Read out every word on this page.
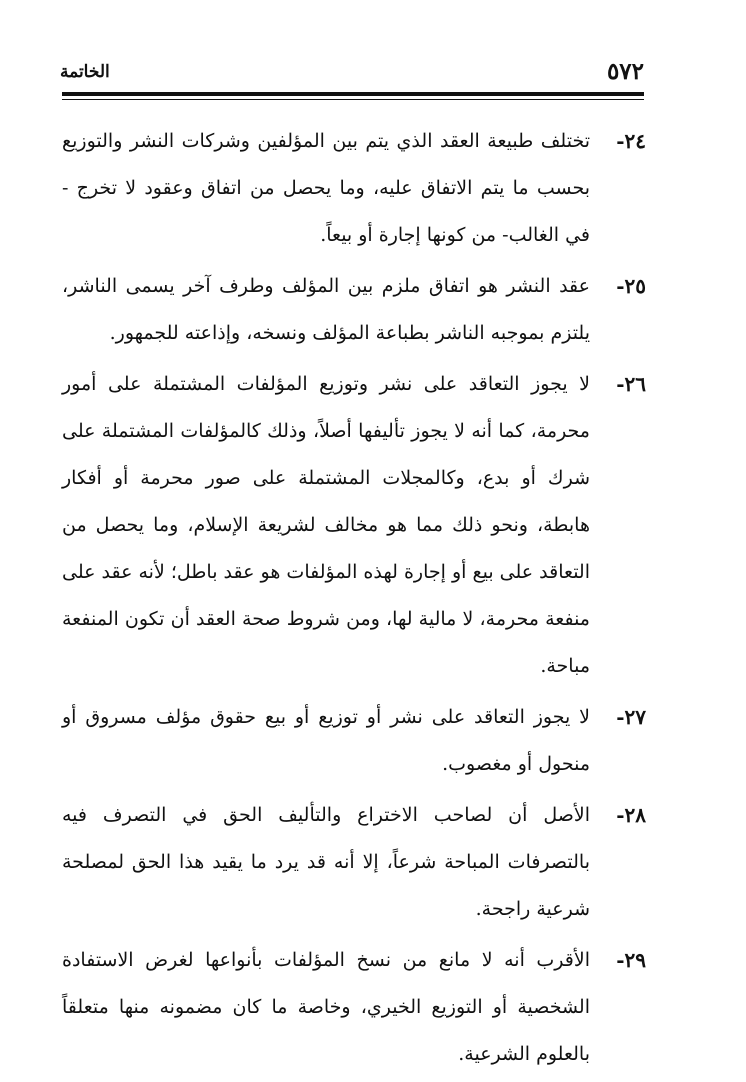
٥٧٢
الخاتمة
٢٤-
تختلف طبيعة العقد الذي يتم بين المؤلفين وشركات النشر والتوزيع بحسب ما يتم الاتفاق عليه، وما يحصل من اتفاق وعقود لا تخرج - في الغالب- من كونها إجارة أو بيعاً.
٢٥-
عقد النشر هو اتفاق ملزم بين المؤلف وطرف آخر يسمى الناشر، يلتزم بموجبه الناشر بطباعة المؤلف ونسخه، وإذاعته للجمهور.
٢٦-
لا يجوز التعاقد على نشر وتوزيع المؤلفات المشتملة على أمور محرمة، كما أنه لا يجوز تأليفها أصلاً، وذلك كالمؤلفات المشتملة على شرك أو بدع، وكالمجلات المشتملة على صور محرمة أو أفكار هابطة، ونحو ذلك مما هو مخالف لشريعة الإسلام، وما يحصل من التعاقد على بيع أو إجارة لهذه المؤلفات هو عقد باطل؛ لأنه عقد على منفعة محرمة، لا مالية لها، ومن شروط صحة العقد أن تكون المنفعة مباحة.
٢٧-
لا يجوز التعاقد على نشر أو توزيع أو بيع حقوق مؤلف مسروق أو منحول أو مغصوب.
٢٨-
الأصل أن لصاحب الاختراع والتأليف الحق في التصرف فيه بالتصرفات المباحة شرعاً، إلا أنه قد يرد ما يقيد هذا الحق لمصلحة شرعية راجحة.
٢٩-
الأقرب أنه لا مانع من نسخ المؤلفات بأنواعها لغرض الاستفادة الشخصية أو التوزيع الخيري، وخاصة ما كان مضمونه منها متعلقاً بالعلوم الشرعية.
